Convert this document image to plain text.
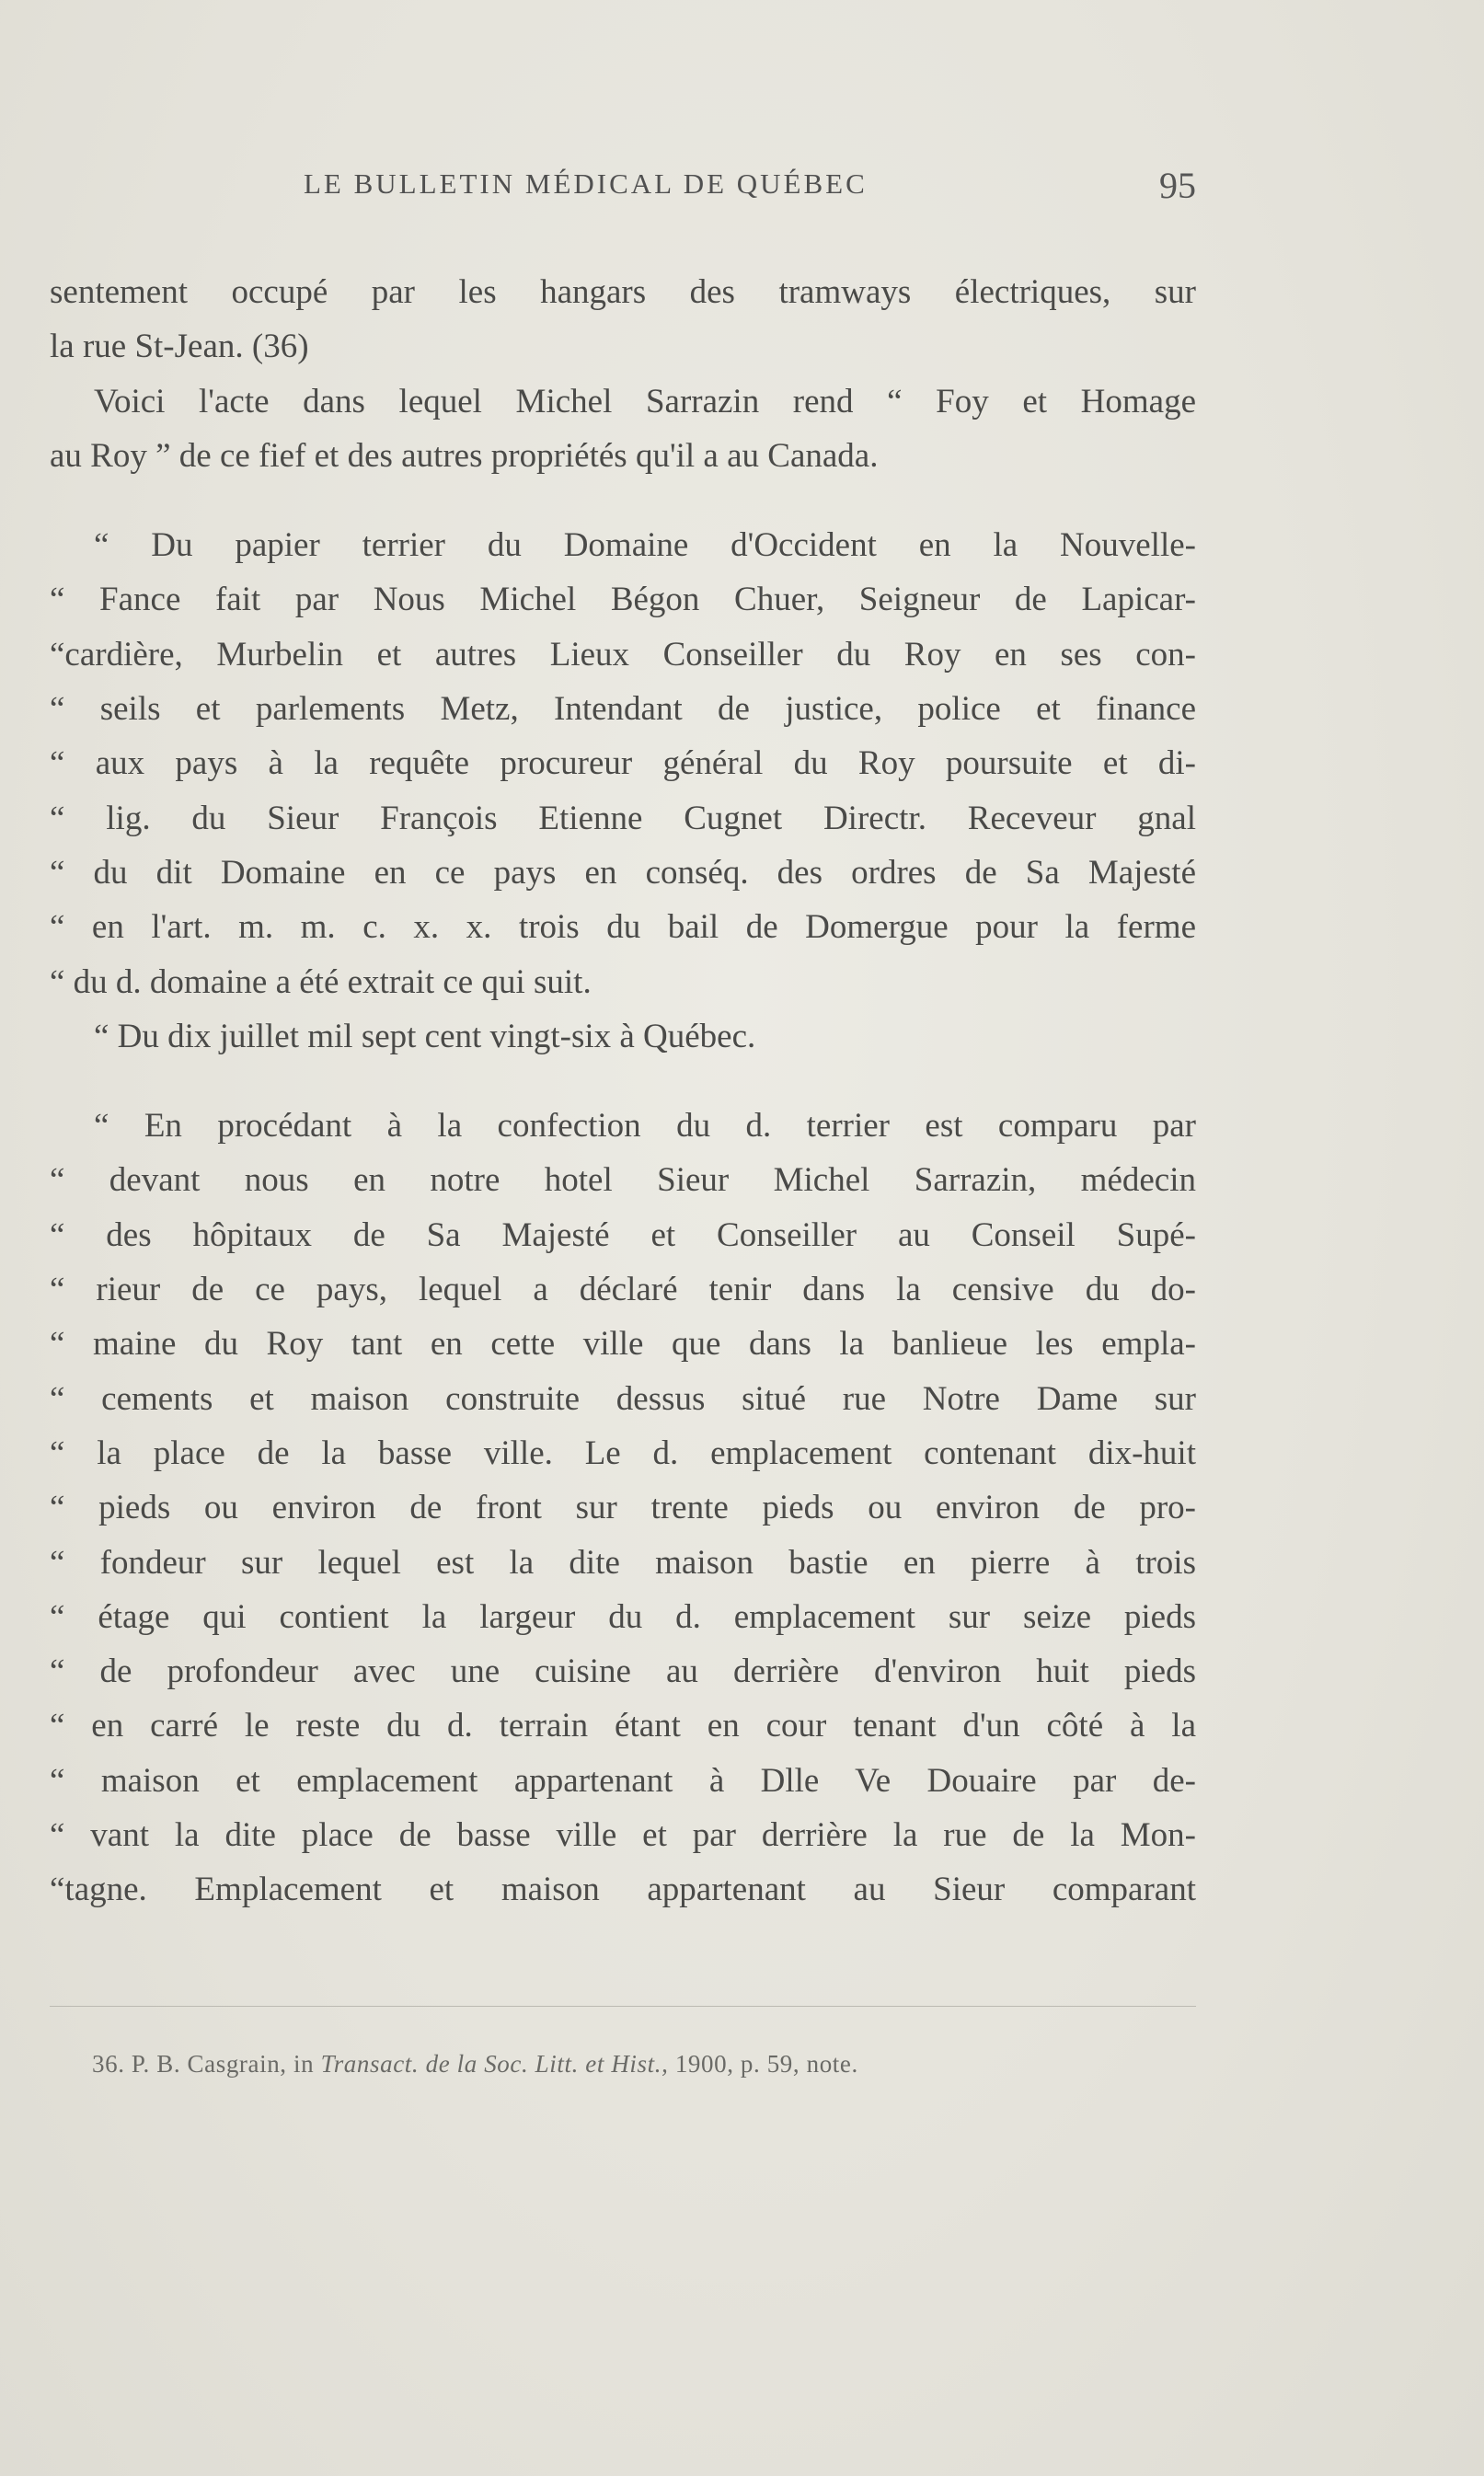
LE BULLETIN MÉDICAL DE QUÉBEC	95
sentement occupé par les hangars des tramways électriques, sur
la rue St-Jean. (36)
Voici l'acte dans lequel Michel Sarrazin rend “ Foy et Homage
au Roy ” de ce fief et des autres propriétés qu'il a au Canada.
“ Du papier terrier du Domaine d'Occident en la Nouvelle-
“ Fance fait par Nous Michel Bégon Chuer, Seigneur de Lapicar-
“cardière, Murbelin et autres Lieux Conseiller du Roy en ses con-
“ seils et parlements Metz, Intendant de justice, police et finance
“ aux pays à la requête procureur général du Roy poursuite et di-
“ lig. du Sieur François Etienne Cugnet Directr. Receveur gnal
“ du dit Domaine en ce pays en conséq. des ordres de Sa Majesté
“ en l'art. m. m. c. x. x. trois du bail de Domergue pour la ferme
“ du d. domaine a été extrait ce qui suit.
“ Du dix juillet mil sept cent vingt-six à Québec.
“ En procédant à la confection du d. terrier est comparu par
“ devant nous en notre hotel Sieur Michel Sarrazin, médecin
“ des hôpitaux de Sa Majesté et Conseiller au Conseil Supé-
“ rieur de ce pays, lequel a déclaré tenir dans la censive du do-
“ maine du Roy tant en cette ville que dans la banlieue les empla-
“ cements et maison construite dessus situé rue Notre Dame sur
“ la place de la basse ville. Le d. emplacement contenant dix-huit
“ pieds ou environ de front sur trente pieds ou environ de pro-
“ fondeur sur lequel est la dite maison bastie en pierre à trois
“ étage qui contient la largeur du d. emplacement sur seize pieds
“ de profondeur avec une cuisine au derrière d'environ huit pieds
“ en carré le reste du d. terrain étant en cour tenant d'un côté à la
“ maison et emplacement appartenant à Dlle Ve Douaire par de-
“ vant la dite place de basse ville et par derrière la rue de la Mon-
“tagne. Emplacement et maison appartenant au Sieur comparant
36. P. B. Casgrain, in Transact. de la Soc. Litt. et Hist., 1900, p. 59, note.
